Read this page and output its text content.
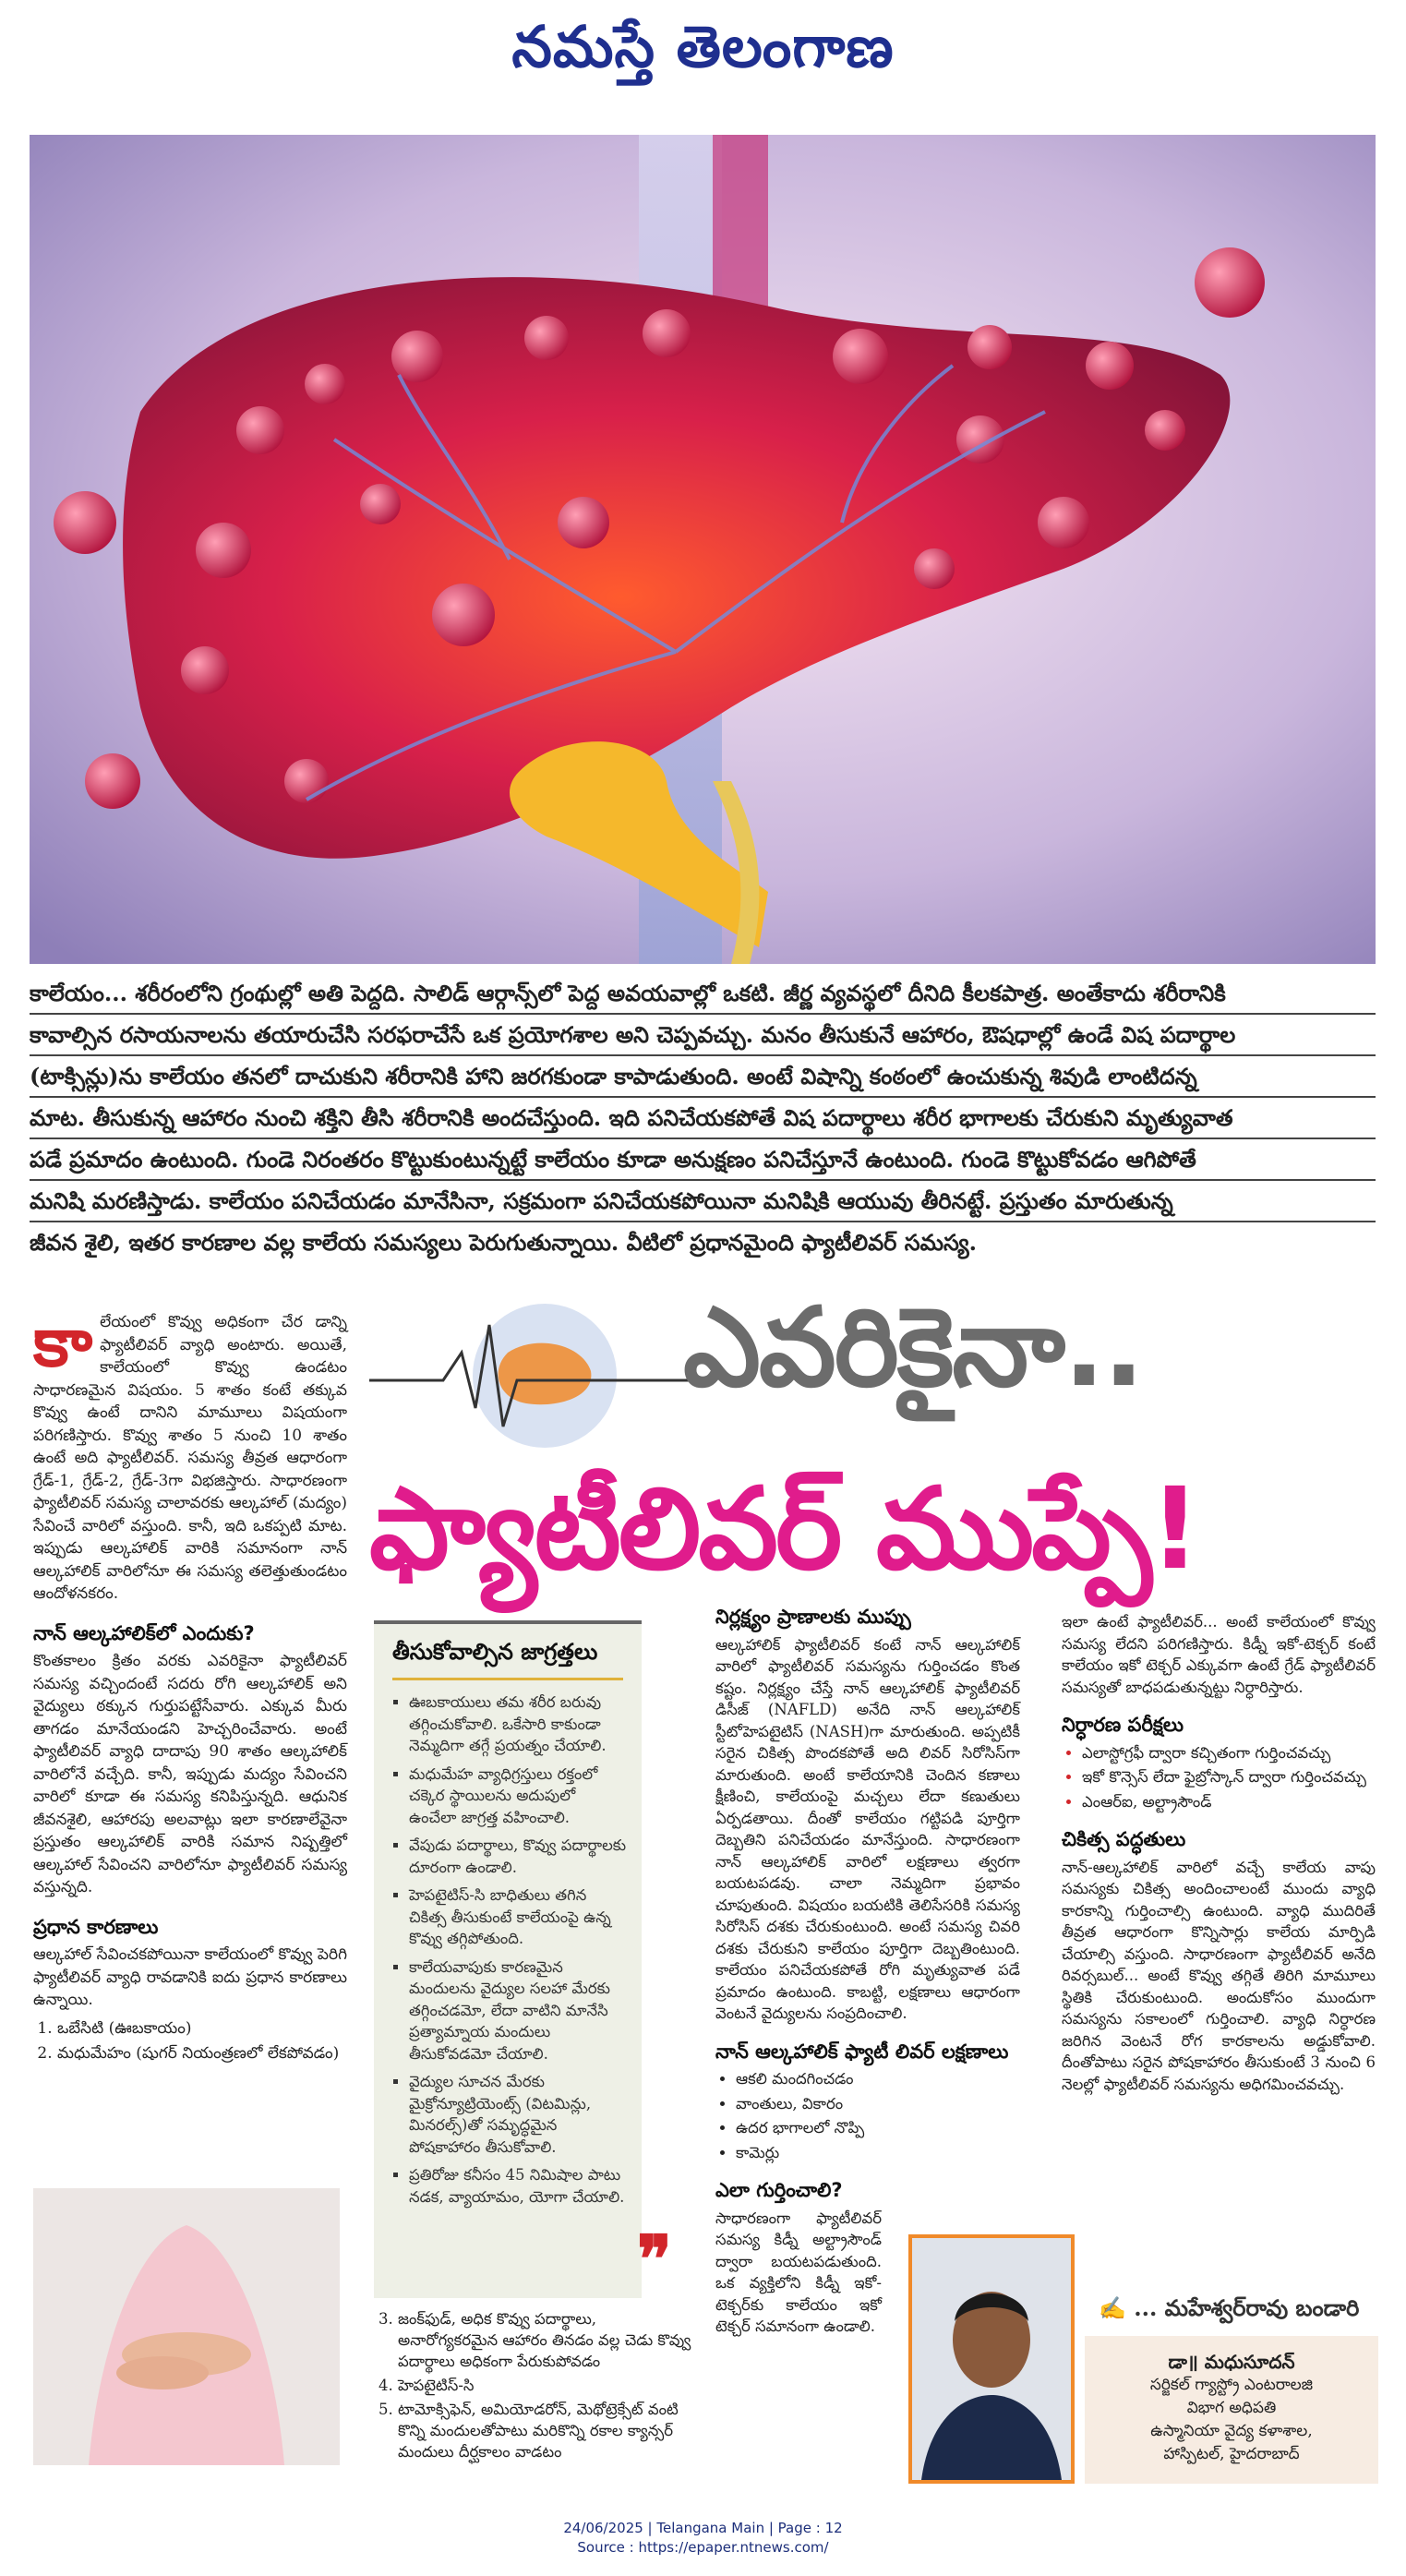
నమస్తే తెలంగాణ

కాలేయం... శరీరంలోని గ్రంథుల్లో అతి పెద్దది. సాలిడ్ ఆర్గాన్స్‌లో పెద్ద అవయవాల్లో ఒకటి. జీర్ణ వ్యవస్థలో దీనిది కీలకపాత్ర. అంతేకాదు శరీరానికి

కావాల్సిన రసాయనాలను తయారుచేసి సరఫరాచేసే ఒక ప్రయోగశాల అని చెప్పవచ్చు. మనం తీసుకునే ఆహారం, ఔషధాల్లో ఉండే విష పదార్థాల

(టాక్సిన్లు)ను కాలేయం తనలో దాచుకుని శరీరానికి హాని జరగకుండా కాపాడుతుంది. అంటే విషాన్ని కంఠంలో ఉంచుకున్న శివుడి లాంటిదన్న

మాట. తీసుకున్న ఆహారం నుంచి శక్తిని తీసి శరీరానికి అందచేస్తుంది. ఇది పనిచేయకపోతే విష పదార్థాలు శరీర భాగాలకు చేరుకుని మృత్యువాత

పడే ప్రమాదం ఉంటుంది. గుండె నిరంతరం కొట్టుకుంటున్నట్టే కాలేయం కూడా అనుక్షణం పనిచేస్తూనే ఉంటుంది. గుండె కొట్టుకోవడం ఆగిపోతే

మనిషి మరణిస్తాడు. కాలేయం పనిచేయడం మానేసినా, సక్రమంగా పనిచేయకపోయినా మనిషికి ఆయువు తీరినట్టే. ప్రస్తుతం మారుతున్న

జీవన శైలి, ఇతర కారణాల వల్ల కాలేయ సమస్యలు పెరుగుతున్నాయి. వీటిలో ప్రధానమైంది ఫ్యాటీలివర్ సమస్య.

ఎవరికైనా..
ఫ్యాటీలివర్ ముప్పే!

కాలేయంలో కొవ్వు అధికంగా చేర డాన్ని ఫ్యాటీలివర్ వ్యాధి అంటారు. అయితే, కాలేయంలో కొవ్వు ఉండటం సాధారణమైన విషయం. 5 శాతం కంటే తక్కువ కొవ్వు ఉంటే దానిని మామూలు విషయంగా పరిగణిస్తారు. కొవ్వు శాతం 5 నుంచి 10 శాతం ఉంటే అది ఫ్యాటీలివర్. సమస్య తీవ్రత ఆధారంగా గ్రేడ్-1, గ్రేడ్-2, గ్రేడ్-3గా విభజిస్తారు. సాధారణంగా ఫ్యాటీలివర్ సమస్య చాలావరకు ఆల్కహాల్ (మద్యం) సేవించే వారిలో వస్తుంది. కానీ, ఇది ఒకప్పటి మాట. ఇప్పుడు ఆల్కహాలిక్ వారికి సమానంగా నాన్ ఆల్కహాలిక్ వారిలోనూ ఈ సమస్య తలెత్తుతుండటం ఆందోళనకరం.

నాన్ ఆల్కహాలిక్‌లో ఎందుకు?

కొంతకాలం క్రితం వరకు ఎవరికైనా ఫ్యాటీలివర్ సమస్య వచ్చిందంటే సదరు రోగి ఆల్కహాలిక్ అని వైద్యులు ఠక్కున గుర్తుపట్టేసేవారు. ఎక్కువ మీరు తాగడం మానేయండని హెచ్చరించేవారు. అంటే ఫ్యాటీలివర్ వ్యాధి దాదాపు 90 శాతం ఆల్కహాలిక్ వారిలోనే వచ్చేది. కానీ, ఇప్పుడు మద్యం సేవించని వారిలో కూడా ఈ సమస్య కనిపిస్తున్నది. ఆధునిక జీవనశైలి, ఆహారపు అలవాట్లు ఇలా కారణాలేవైనా ప్రస్తుతం ఆల్కహాలిక్ వారికి సమాన నిష్పత్తిలో ఆల్కహాల్ సేవించని వారిలోనూ ఫ్యాటీలివర్ సమస్య వస్తున్నది.

ప్రధాన కారణాలు

ఆల్కహాల్ సేవించకపోయినా కాలేయంలో కొవ్వు పెరిగి ఫ్యాటీలివర్ వ్యాధి రావడానికి ఐదు ప్రధాన కారణాలు ఉన్నాయి.

1. ఒబేసిటి (ఊబకాయం)
2. మధుమేహం (షుగర్ నియంత్రణలో లేకపోవడం)
తీసుకోవాల్సిన జాగ్రత్తలు
▪ ఊబకాయులు తమ శరీర బరువు తగ్గించుకోవాలి. ఒకేసారి కాకుండా నెమ్మదిగా తగ్గే ప్రయత్నం చేయాలి.
▪ మధుమేహ వ్యాధిగ్రస్తులు రక్తంలో చక్కెర స్థాయిలను అదుపులో ఉంచేలా జాగ్రత్త వహించాలి.
▪ వేపుడు పదార్థాలు, కొవ్వు పదార్థాలకు దూరంగా ఉండాలి.
▪ హెపటైటిస్-సి బాధితులు తగిన చికిత్స తీసుకుంటే కాలేయంపై ఉన్న కొవ్వు తగ్గిపోతుంది.
▪ కాలేయవాపుకు కారణమైన మందులను వైద్యుల సలహా మేరకు తగ్గించడమో, లేదా వాటిని మానేసి ప్రత్యామ్నాయ మందులు తీసుకోవడమో చేయాలి.
▪ వైద్యుల సూచన మేరకు మైక్రోన్యూట్రియెంట్స్ (విటమిన్లు, మినరల్స్)తో సమృద్ధమైన పోషకాహారం తీసుకోవాలి.
▪ ప్రతిరోజు కనీసం 45 నిమిషాల పాటు నడక, వ్యాయామం, యోగా చేయాలి.
❞
3. జంక్‌ఫుడ్, అధిక కొవ్వు పదార్థాలు, అనారోగ్యకరమైన ఆహారం తినడం వల్ల చెడు కొవ్వు పదార్థాలు అధికంగా పేరుకుపోవడం
4. హెపటైటిస్-సి
5. టామోక్సిఫెన్, అమియోడరోన్, మెథోట్రెక్సేట్ వంటి కొన్ని మందులతోపాటు మరికొన్ని రకాల క్యాన్సర్ మందులు దీర్ఘకాలం వాడటం
నిర్లక్ష్యం ప్రాణాలకు ముప్పు

ఆల్కహాలిక్ ఫ్యాటీలివర్ కంటే నాన్ ఆల్కహాలిక్ వారిలో ఫ్యాటీలివర్ సమస్యను గుర్తించడం కొంత కష్టం. నిర్లక్ష్యం చేస్తే నాన్ ఆల్కహాలిక్ ఫ్యాటీలివర్ డిసీజ్ (NAFLD) అనేది నాన్ ఆల్కహాలిక్ స్టీటోహెపటైటిస్ (NASH)గా మారుతుంది. అప్పటికీ సరైన చికిత్స పొందకపోతే అది లివర్ సిరోసిస్‌గా మారుతుంది. అంటే కాలేయానికి చెందిన కణాలు క్షీణించి, కాలేయంపై మచ్చలు లేదా కణుతులు ఏర్పడతాయి. దీంతో కాలేయం గట్టిపడి పూర్తిగా దెబ్బతిని పనిచేయడం మానేస్తుంది. సాధారణంగా నాన్ ఆల్కహాలిక్ వారిలో లక్షణాలు త్వరగా బయటపడవు. చాలా నెమ్మదిగా ప్రభావం చూపుతుంది. విషయం బయటికి తెలిసేసరికి సమస్య సిరోసిస్ దశకు చేరుకుంటుంది. అంటే సమస్య చివరి దశకు చేరుకుని కాలేయం పూర్తిగా దెబ్బతింటుంది. కాలేయం పనిచేయకపోతే రోగి మృత్యువాత పడే ప్రమాదం ఉంటుంది. కాబట్టి, లక్షణాలు ఆధారంగా వెంటనే వైద్యులను సంప్రదించాలి.

నాన్ ఆల్కహాలిక్ ఫ్యాటీ లివర్ లక్షణాలు
• ఆకలి మందగించడం
• వాంతులు, వికారం
• ఉదర భాగాలలో నొప్పి
• కామెర్లు
ఎలా గుర్తించాలి?

సాధారణంగా ఫ్యాటీలివర్ సమస్య కిడ్నీ అల్ట్రాసౌండ్ ద్వారా బయటపడుతుంది. ఒక వ్యక్తిలోని కిడ్నీ ఇకో-టెక్చర్‌కు కాలేయం ఇకో టెక్చర్ సమానంగా ఉండాలి.

ఇలా ఉంటే ఫ్యాటీలివర్... అంటే కాలేయంలో కొవ్వు సమస్య లేదని పరిగణిస్తారు. కిడ్నీ ఇకో-టెక్చర్ కంటే కాలేయం ఇకో టెక్చర్ ఎక్కువగా ఉంటే గ్రేడ్ ఫ్యాటీలివర్ సమస్యతో బాధపడుతున్నట్టు నిర్ధారిస్తారు.

నిర్ధారణ పరీక్షలు
• ఎలాస్టోగ్రఫీ ద్వారా కచ్చితంగా గుర్తించవచ్చు
• ఇకో కొన్సెస్ లేదా ఫైబ్రోస్కాన్ ద్వారా గుర్తించవచ్చు
• ఎంఆర్ఐ, అల్ట్రాసౌండ్
చికిత్స పద్ధతులు

నాన్-ఆల్కహాలిక్ వారిలో వచ్చే కాలేయ వాపు సమస్యకు చికిత్స అందించాలంటే ముందు వ్యాధి కారకాన్ని గుర్తించాల్సి ఉంటుంది. వ్యాధి ముదిరితే తీవ్రత ఆధారంగా కొన్నిసార్లు కాలేయ మార్పిడి చేయాల్సి వస్తుంది. సాధారణంగా ఫ్యాటీలివర్ అనేది రివర్సబుల్... అంటే కొవ్వు తగ్గితే తిరిగి మామూలు స్థితికి చేరుకుంటుంది. అందుకోసం ముందుగా సమస్యను సకాలంలో గుర్తించాలి. వ్యాధి నిర్ధారణ జరిగిన వెంటనే రోగ కారకాలను అడ్డుకోవాలి. దీంతోపాటు సరైన పోషకాహారం తీసుకుంటే 3 నుంచి 6 నెలల్లో ఫ్యాటీలివర్ సమస్యను అధిగమించవచ్చు.

✍ ... మహేశ్వర్‌రావు బండారి
డా॥ మధుసూదన్
సర్జికల్ గ్యాస్ట్రో ఎంటరాలజి
విభాగ అధిపతి
ఉస్మానియా వైద్య కళాశాల,
హాస్పిటల్, హైదరాబాద్
24/06/2025 | Telangana Main | Page : 12
Source : https://epaper.ntnews.com/
